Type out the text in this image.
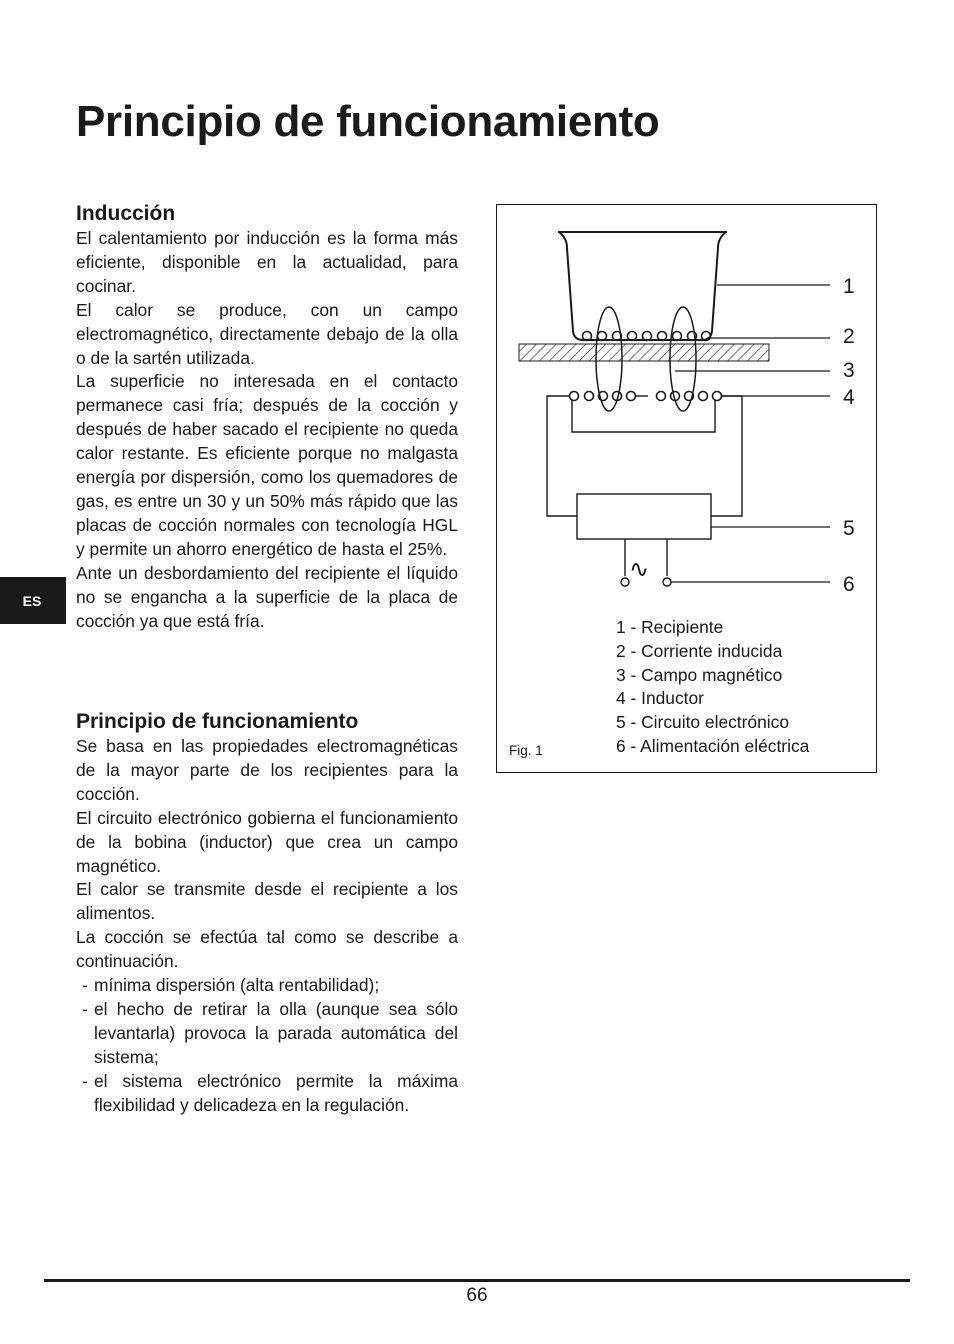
Principio de funcionamiento
Inducción

El calentamiento por inducción es la forma más eficiente, disponible en la actualidad, para cocinar.

El calor se produce, con un campo electromagnético, directamente debajo de la olla o de la sartén utilizada.

La superficie no interesada en el contacto permanece casi fría; después de la cocción y después de haber sacado el recipiente no queda calor restante. Es eficiente porque no malgasta energía por dispersión, como los quemadores de gas, es entre un 30 y un 50% más rápido que las placas de cocción normales con tecnología HGL y permite un ahorro energético de hasta el 25%.

Ante un desbordamiento del recipiente el líquido no se engancha a la superficie de la placa de cocción ya que está fría.

Principio de funcionamiento

Se basa en las propiedades electromagnéticas de la mayor parte de los recipientes para la cocción.

El circuito electrónico gobierna el funcionamiento de la bobina (inductor) que crea un campo magnético.

El calor se transmite desde el recipiente a los alimentos.

La cocción se efectúa tal como se describe a continuación.

- mínima dispersión (alta rentabilidad);
- el hecho de retirar la olla (aunque sea sólo levantarla) provoca la parada automática del sistema;
- el sistema electrónico permite la máxima flexibilidad y delicadeza en la regulación.
ES
1
2
3
4
5
6
∿
1 - Recipiente
2 - Corriente inducida
3 - Campo magnético
4 - Inductor
5 - Circuito electrónico
6 - Alimentación eléctrica
Fig. 1
66
